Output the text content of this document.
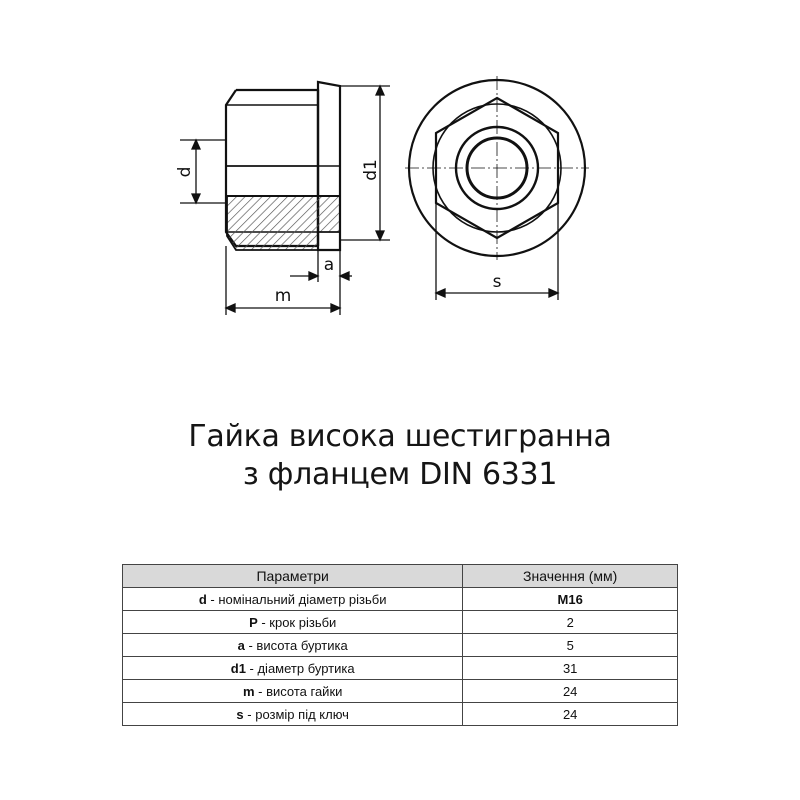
d	d1
a
m
s
Гайка висока шестигранна
з фланцем DIN 6331
Параметри	Значення (мм)
d - номінальний діаметр різьби	M16
P - крок різьби	2
a - висота буртика	5
d1 - діаметр буртика	31
m - висота гайки	24
s - розмір під ключ	24
